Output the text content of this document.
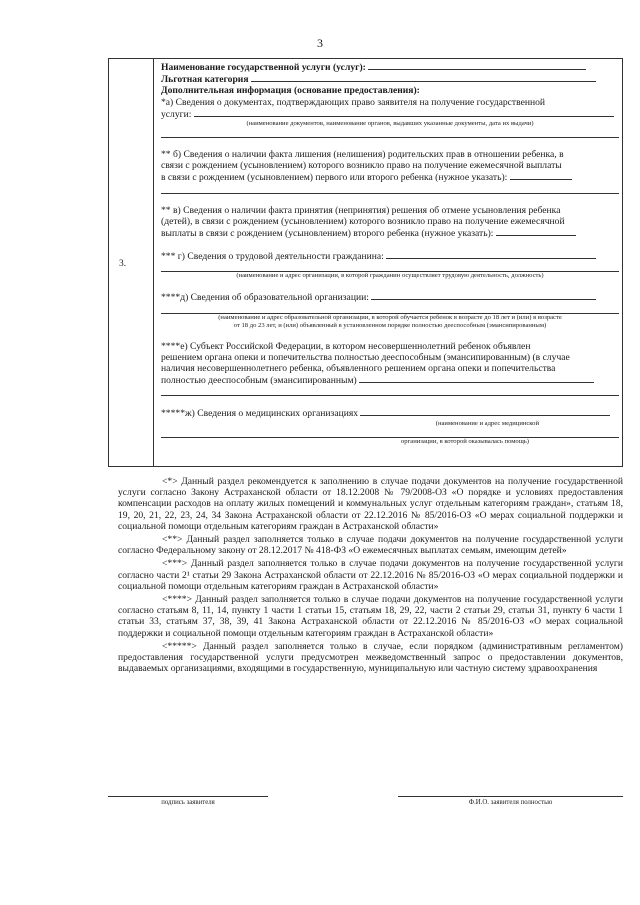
3
3.
Наименование государственной услуги (услуг):
Льготная категория
Дополнительная информация (основание предоставления):
*а) Сведения о документах, подтверждающих право заявителя на получение государственной
услуги:
(наименование документов, наименование органов, выдавших указанные документы, дата их выдачи)
** б) Сведения о наличии факта лишения (нелишения) родительских прав в отношении ребенка, в
связи с рождением (усыновлением) которого возникло право на получение ежемесячной выплаты
в связи с рождением (усыновлением) первого или второго ребенка (нужное указать):
** в) Сведения о наличии факта принятия (непринятия) решения об отмене усыновления ребенка
(детей), в связи с рождением (усыновлением) которого возникло право на получение ежемесячной
выплаты в связи с рождением (усыновлением) второго ребенка (нужное указать):
*** г) Сведения о трудовой деятельности гражданина:
(наименование и адрес организации, в которой гражданин осуществляет трудовую деятельность, должность)
****д) Сведения об образовательной организации:
(наименование и адрес образовательной организации, в которой обучается ребенок в возрасте до 18 лет и (или) в возрасте
от 18 до 23 лет, и (или) объявленный в установленном порядке полностью дееспособным (эмансипированным)
****е) Субъект Российской Федерации, в котором несовершеннолетний ребенок объявлен
решением органа опеки и попечительства полностью дееспособным (эмансипированным) (в случае
наличия несовершеннолетнего ребенка, объявленного решением органа опеки и попечительства
полностью дееспособным (эмансипированным)
*****ж) Сведения о медицинских организациях
(наименование и адрес медицинской
организации, в которой оказывалась помощь)

<*> Данный раздел рекомендуется к заполнению в случае подачи документов на получение государственной услуги согласно Закону Астраханской области от 18.12.2008 № 79/2008-ОЗ «О порядке и условиях предоставления компенсации расходов на оплату жилых помещений и коммунальных услуг отдельным категориям граждан», статьям 18, 19, 20, 21, 22, 23, 24, 34 Закона Астраханской области от 22.12.2016 № 85/2016-ОЗ «О мерах социальной поддержки и социальной помощи отдельным категориям граждан в Астраханской области»

<**> Данный раздел заполняется только в случае подачи документов на получение государственной услуги согласно Федеральному закону от 28.12.2017 № 418-ФЗ «О ежемесячных выплатах семьям, имеющим детей»

<***> Данный раздел заполняется только в случае подачи документов на получение государственной услуги согласно части 2¹ статьи 29 Закона Астраханской области от 22.12.2016 № 85/2016-ОЗ «О мерах социальной поддержки и социальной помощи отдельным категориям граждан в Астраханской области»

<****> Данный раздел заполняется только в случае подачи документов на получение государственной услуги согласно статьям 8, 11, 14, пункту 1 части 1 статьи 15, статьям 18, 29, 22, части 2 статьи 29, статьи 31, пункту 6 части 1 статьи 33, статьям 37, 38, 39, 41 Закона Астраханской области от 22.12.2016 № 85/2016-ОЗ «О мерах социальной поддержки и социальной помощи отдельным категориям граждан в Астраханской области»

<*****> Данный раздел заполняется только в случае, если порядком (административным регламентом) предоставления государственной услуги предусмотрен межведомственный запрос о предоставлении документов, выдаваемых организациями, входящими в государственную, муниципальную или частную систему здравоохранения

подпись заявителя	Ф.И.О. заявителя полностью
